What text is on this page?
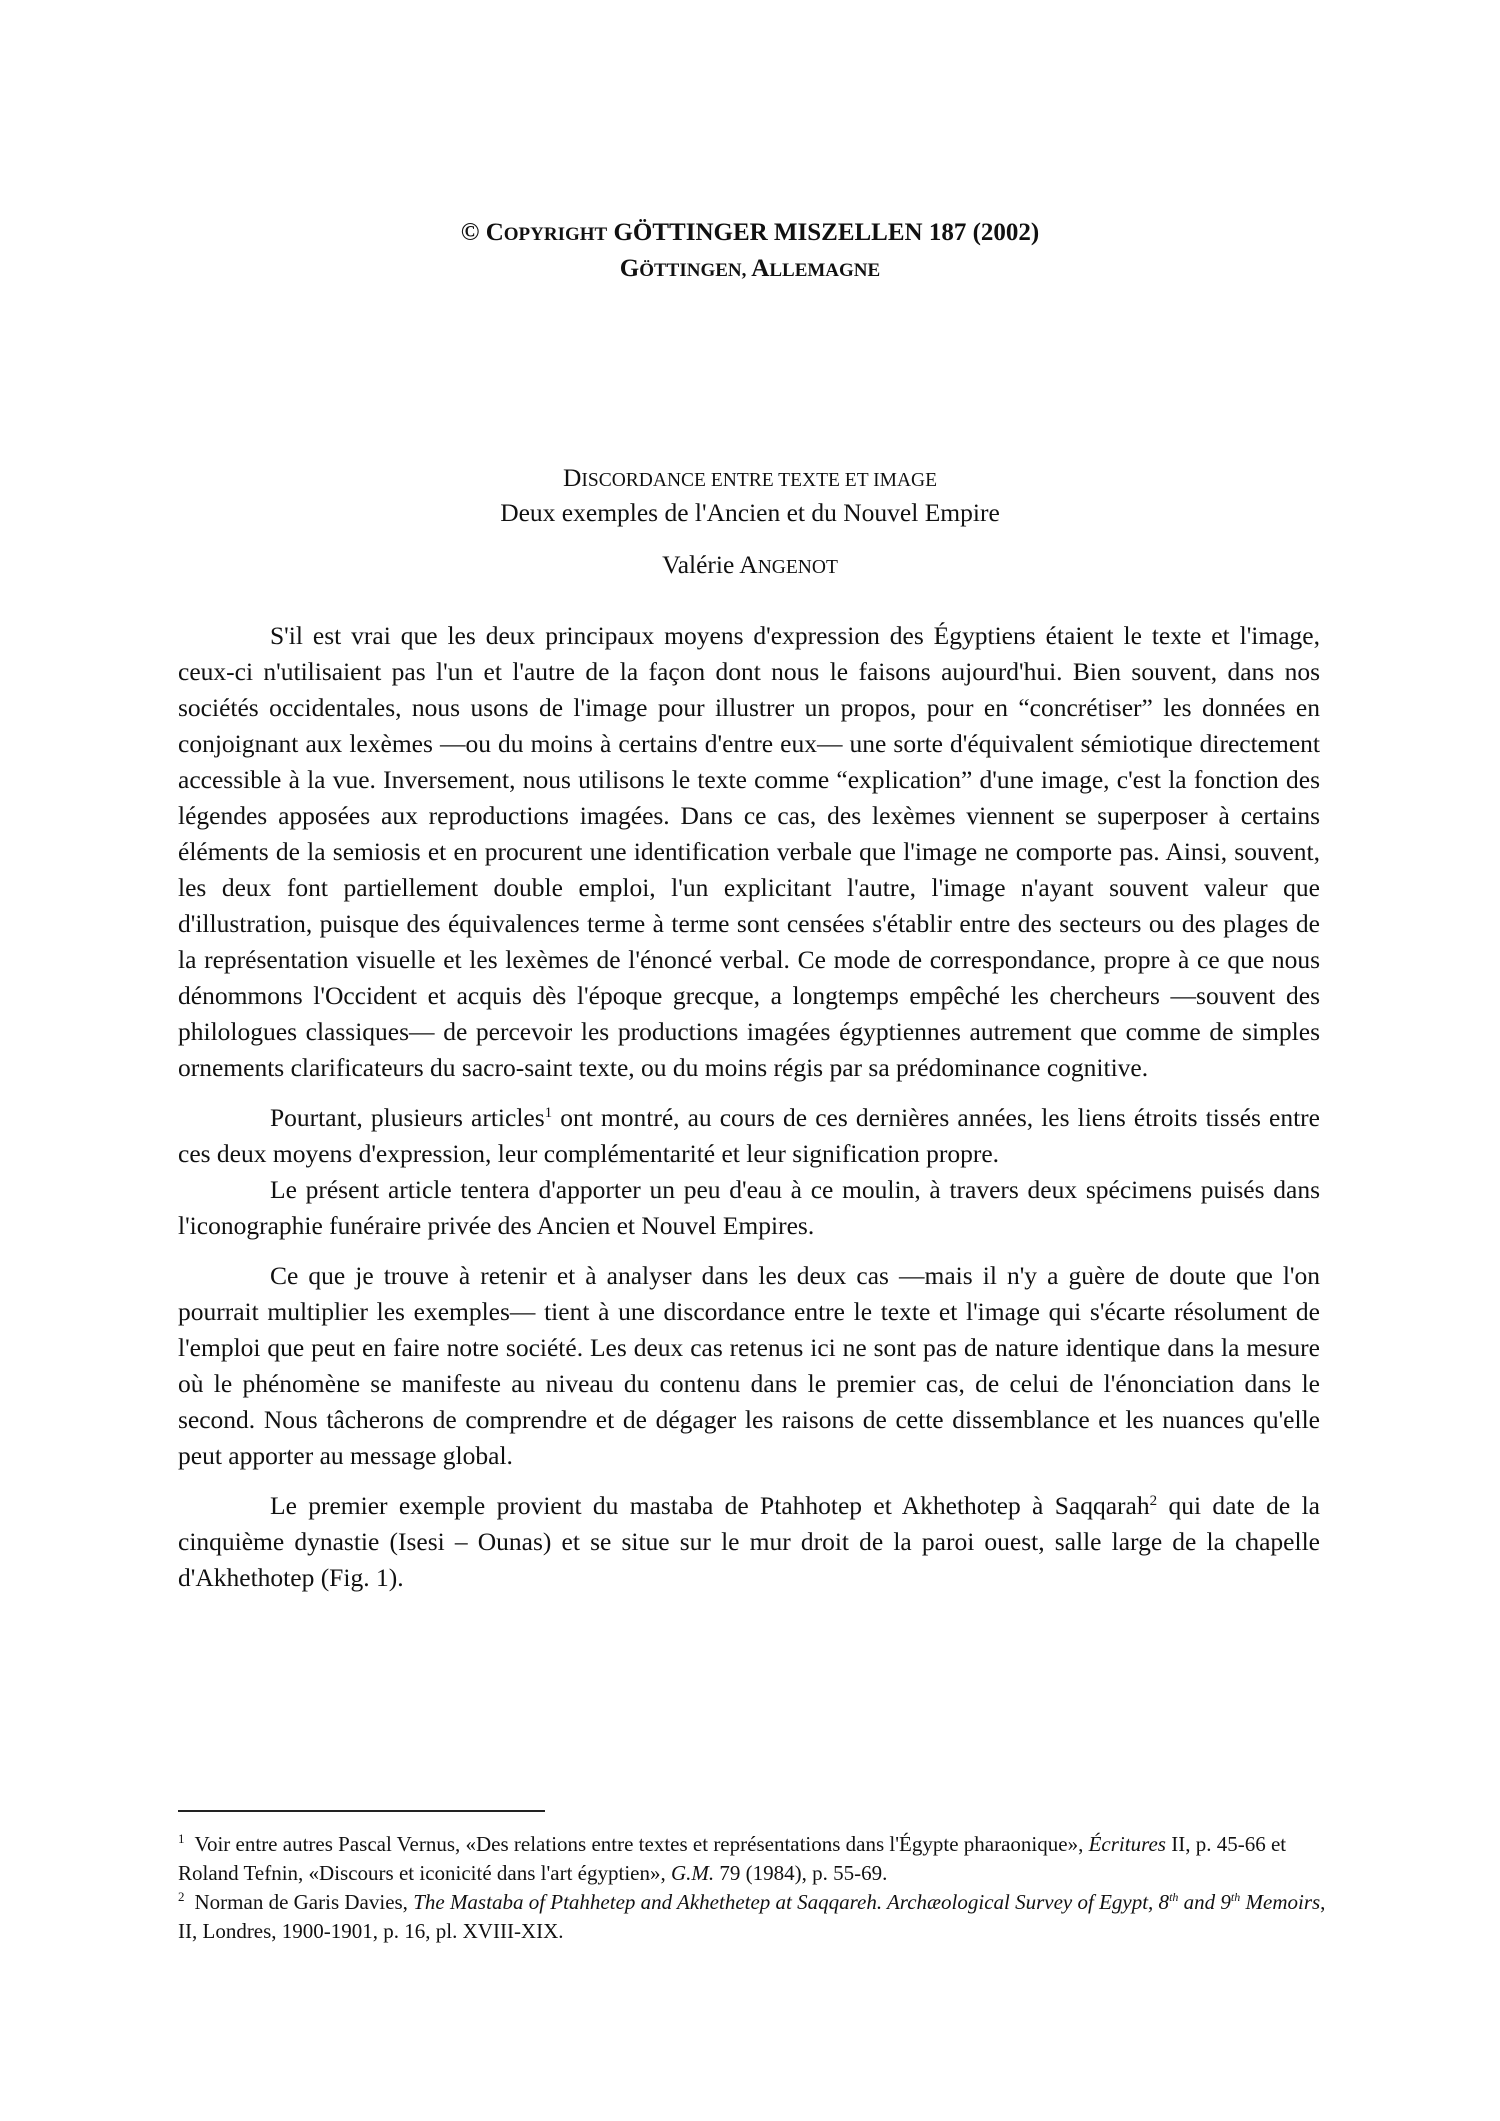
© COPYRIGHT GÖTTINGER MISZELLEN 187 (2002)
GÖTTINGEN, ALLEMAGNE
DISCORDANCE ENTRE TEXTE ET IMAGE
Deux exemples de l'Ancien et du Nouvel Empire
Valérie ANGENOT

S'il est vrai que les deux principaux moyens d'expression des Égyptiens étaient le texte et l'image, ceux-ci n'utilisaient pas l'un et l'autre de la façon dont nous le faisons aujourd'hui. Bien souvent, dans nos sociétés occidentales, nous usons de l'image pour illustrer un propos, pour en “concrétiser” les données en conjoignant aux lexèmes —ou du moins à certains d'entre eux— une sorte d'équivalent sémiotique directement accessible à la vue. Inversement, nous utilisons le texte comme “explication” d'une image, c'est la fonction des légendes apposées aux reproductions imagées. Dans ce cas, des lexèmes viennent se superposer à certains éléments de la semiosis et en procurent une identification verbale que l'image ne comporte pas. Ainsi, souvent, les deux font partiellement double emploi, l'un explicitant l'autre, l'image n'ayant souvent valeur que d'illustration, puisque des équivalences terme à terme sont censées s'établir entre des secteurs ou des plages de la représentation visuelle et les lexèmes de l'énoncé verbal. Ce mode de correspondance, propre à ce que nous dénommons l'Occident et acquis dès l'époque grecque, a longtemps empêché les chercheurs —souvent des philologues classiques— de percevoir les productions imagées égyptiennes autrement que comme de simples ornements clarificateurs du sacro-saint texte, ou du moins régis par sa prédominance cognitive.

Pourtant, plusieurs articles$^1$ ont montré, au cours de ces dernières années, les liens étroits tissés entre ces deux moyens d'expression, leur complémentarité et leur signification propre.

Le présent article tentera d'apporter un peu d'eau à ce moulin, à travers deux spécimens puisés dans l'iconographie funéraire privée des Ancien et Nouvel Empires.

Ce que je trouve à retenir et à analyser dans les deux cas —mais il n'y a guère de doute que l'on pourrait multiplier les exemples— tient à une discordance entre le texte et l'image qui s'écarte résolument de l'emploi que peut en faire notre société. Les deux cas retenus ici ne sont pas de nature identique dans la mesure où le phénomène se manifeste au niveau du contenu dans le premier cas, de celui de l'énonciation dans le second. Nous tâcherons de comprendre et de dégager les raisons de cette dissemblance et les nuances qu'elle peut apporter au message global.

Le premier exemple provient du mastaba de Ptahhotep et Akhethotep à Saqqarah$^2$ qui date de la cinquième dynastie (Isesi – Ounas) et se situe sur le mur droit de la paroi ouest, salle large de la chapelle d'Akhethotep (Fig. 1).

$^1$ Voir entre autres Pascal Vernus, «Des relations entre textes et représentations dans l'Égypte pharaonique», Écritures II, p. 45-66 et Roland Tefnin, «Discours et iconicité dans l'art égyptien», G.M. 79 (1984), p. 55-69.

$^2$ Norman de Garis Davies, The Mastaba of Ptahhetep and Akhethetep at Saqqareh. Archæological Survey of Egypt, 8th and 9th Memoirs, II, Londres, 1900-1901, p. 16, pl. XVIII-XIX.
